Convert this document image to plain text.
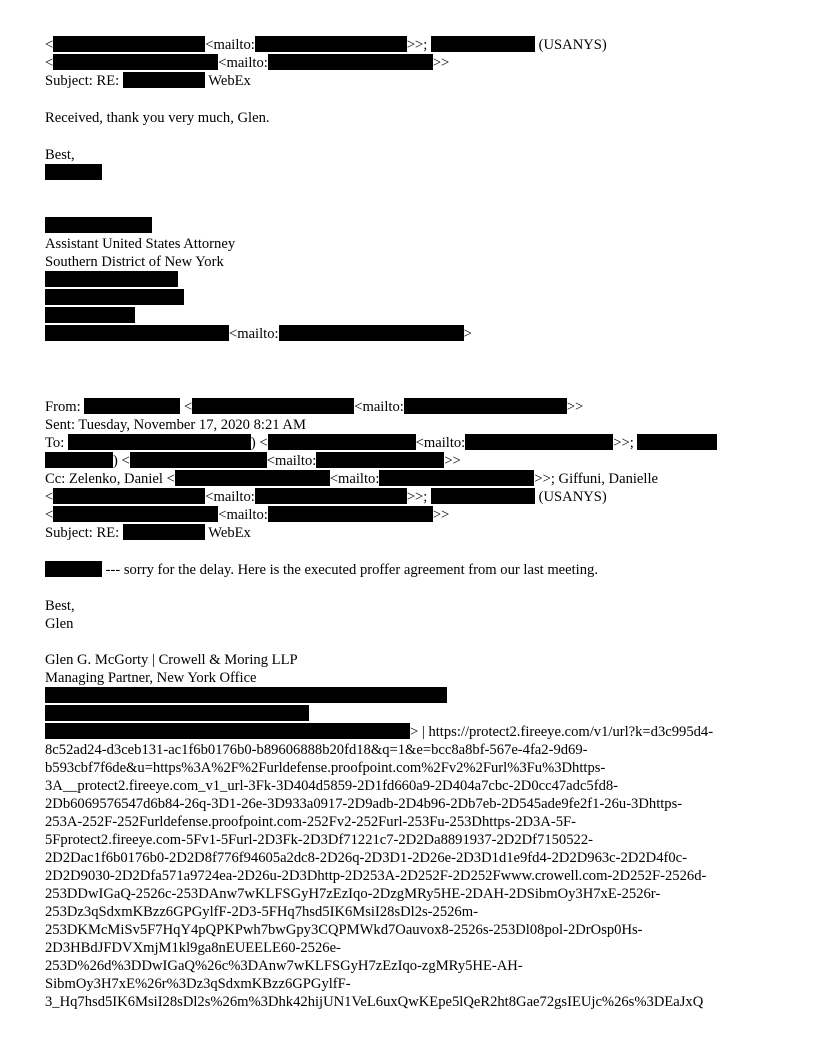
<	<mailto:	>>;	(USANYS)
<	<mailto:	>>
Subject: RE:	WebEx
Received, thank you very much, Glen.
Best,
Assistant United States Attorney
Southern District of New York
<mailto:	>
From:	<	<mailto:	>>
Sent: Tuesday, November 17, 2020 8:21 AM
To:	) <	<mailto:	>>;
) <	<mailto:	>>
Cc: Zelenko, Daniel <	<mailto:	>>; Giffuni, Danielle
<	<mailto:	>>;	(USANYS)
<	<mailto:	>>
Subject: RE:	WebEx
--- sorry for the delay. Here is the executed proffer agreement from our last meeting.
Best,
Glen
Glen G. McGorty | Crowell & Moring LLP
Managing Partner, New York Office
> | https://protect2.fireeye.com/v1/url?k=d3c995d4-
8c52ad24-d3ceb131-ac1f6b0176b0-b89606888b20fd18&q=1&e=bcc8a8bf-567e-4fa2-9d69-
b593cbf7f6de&u=https%3A%2F%2Furldefense.proofpoint.com%2Fv2%2Furl%3Fu%3Dhttps-
3A__protect2.fireeye.com_v1_url-3Fk-3D404d5859-2D1fd660a9-2D404a7cbc-2D0cc47adc5fd8-
2Db6069576547d6b84-26q-3D1-26e-3D933a0917-2D9adb-2D4b96-2Db7eb-2D545ade9fe2f1-26u-3Dhttps-
253A-252F-252Furldefense.proofpoint.com-252Fv2-252Furl-253Fu-253Dhttps-2D3A-5F-
5Fprotect2.fireeye.com-5Fv1-5Furl-2D3Fk-2D3Df71221c7-2D2Da8891937-2D2Df7150522-
2D2Dac1f6b0176b0-2D2D8f776f94605a2dc8-2D26q-2D3D1-2D26e-2D3D1d1e9fd4-2D2D963c-2D2D4f0c-
2D2D9030-2D2Dfa571a9724ea-2D26u-2D3Dhttp-2D253A-2D252F-2D252Fwww.crowell.com-2D252F-2526d-
253DDwIGaQ-2526c-253DAnw7wKLFSGyH7zEzIqo-2DzgMRy5HE-2DAH-2DSibmOy3H7xE-2526r-
253Dz3qSdxmKBzz6GPGylfF-2D3-5FHq7hsd5IK6MsiI28sDl2s-2526m-
253DKMcMiSv5F7HqY4pQPKPwh7bwGpy3CQPMWkd7Oauvox8-2526s-253Dl08pol-2DrOsp0Hs-
2D3HBdJFDVXmjM1kl9ga8nEUEELE60-2526e-
253D%26d%3DDwIGaQ%26c%3DAnw7wKLFSGyH7zEzIqo-zgMRy5HE-AH-
SibmOy3H7xE%26r%3Dz3qSdxmKBzz6GPGylfF-
3_Hq7hsd5IK6MsiI28sDl2s%26m%3Dhk42hijUN1VeL6uxQwKEpe5lQeR2ht8Gae72gsIEUjc%26s%3DEaJxQ
